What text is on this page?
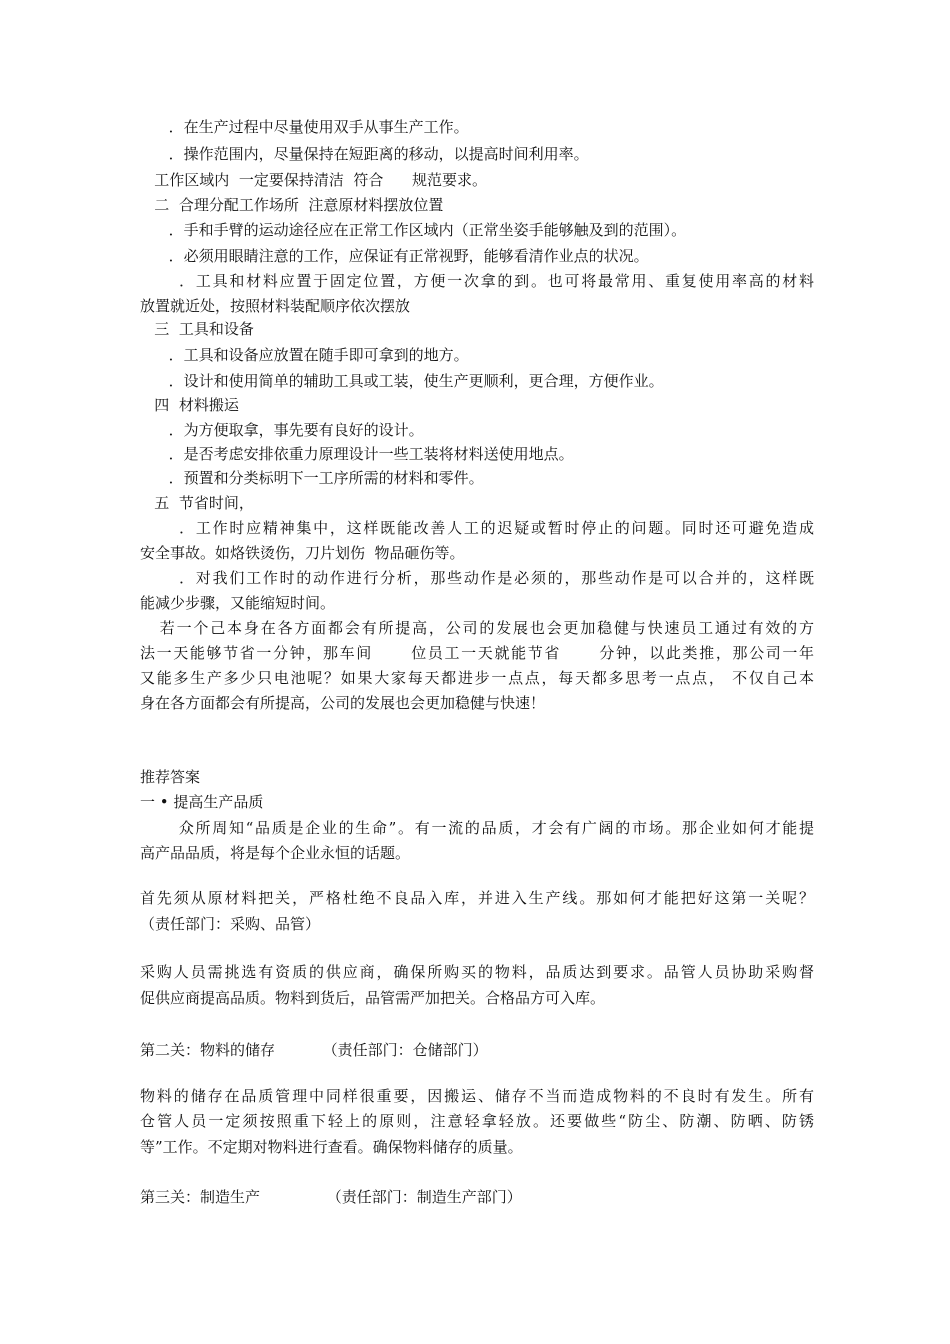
．在生产过程中尽量使用双手从事生产工作。
．操作范围内，尽量保持在短距离的移动，以提高时间利用率。
工作区域内  一定要保持清洁  符合      规范要求。
二  合理分配工作场所  注意原材料摆放位置
．手和手臂的运动途径应在正常工作区域内（正常坐姿手能够触及到的范围）。
．必须用眼睛注意的工作，应保证有正常视野，能够看清作业点的状况。
．工具和材料应置于固定位置，方便一次拿的到。也可将最常用、重复使用率高的材料
放置就近处，按照材料装配顺序依次摆放
三  工具和设备
．工具和设备应放置在随手即可拿到的地方。
．设计和使用简单的辅助工具或工装，使生产更顺利，更合理，方便作业。
四  材料搬运
．为方便取拿，事先要有良好的设计。
．是否考虑安排依重力原理设计一些工装将材料送使用地点。
．预置和分类标明下一工序所需的材料和零件。
五  节省时间，
．工作时应精神集中，这样既能改善人工的迟疑或暂时停止的问题。同时还可避免造成
安全事故。如烙铁烫伤，刀片划伤  物品砸伤等。
．对我们工作时的动作进行分析，那些动作是必须的，那些动作是可以合并的，这样既
能减少步骤，又能缩短时间。
若一个己本身在各方面都会有所提高，公司的发展也会更加稳健与快速员工通过有效的方
法一天能够节省一分钟，那车间      位员工一天就能节省      分钟，以此类推，那公司一年
又能多生产多少只电池呢？如果大家每天都进步一点点，每天都多思考一点点， 不仅自己本
身在各方面都会有所提高，公司的发展也会更加稳健与快速！
推荐答案
一 • 提高生产品质
众所周知“品质是企业的生命”。有一流的品质，才会有广阔的市场。那企业如何才能提
高产品品质，将是每个企业永恒的话题。
首先须从原材料把关，严格杜绝不良品入库，并进入生产线。那如何才能把好这第一关呢？
（责任部门：采购、品管）
采购人员需挑选有资质的供应商，确保所购买的物料，品质达到要求。品管人员协助采购督
促供应商提高品质。物料到货后，品管需严加把关。合格品方可入库。
第二关：物料的储存          （责任部门：仓储部门）
物料的储存在品质管理中同样很重要，因搬运、储存不当而造成物料的不良时有发生。所有
仓管人员一定须按照重下轻上的原则，注意轻拿轻放。还要做些“防尘、防潮、防晒、防锈
等”工作。不定期对物料进行查看。确保物料储存的质量。
第三关：制造生产              （责任部门：制造生产部门）
